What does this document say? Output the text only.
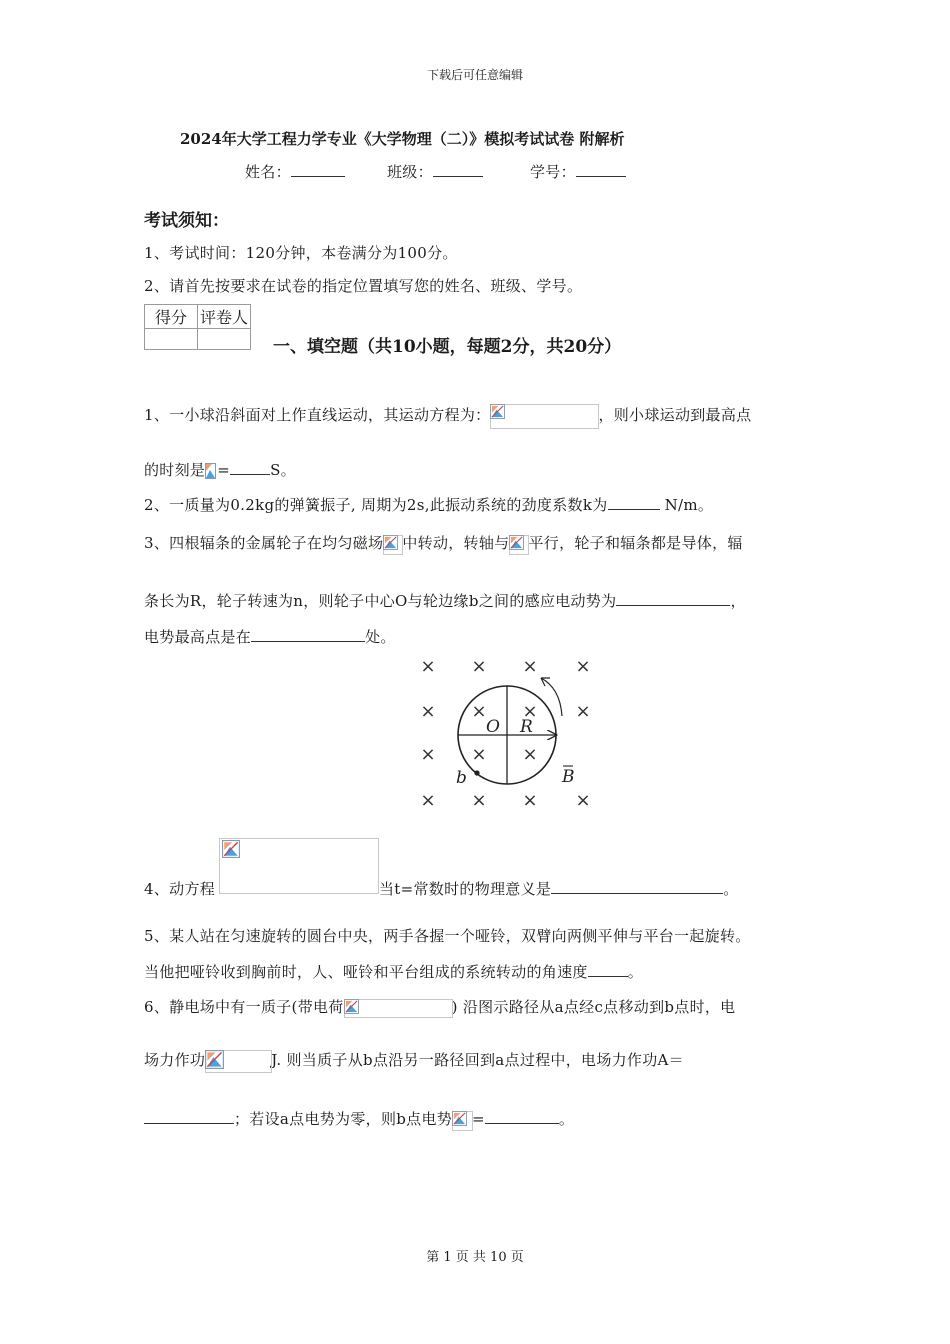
下载后可任意编辑
2024年大学工程力学专业《大学物理（二）》模拟考试试卷 附解析
姓名：	班级：	学号：
考试须知：
1、考试时间：120分钟，本卷满分为100分。
2、请首先按要求在试卷的指定位置填写您的姓名、班级、学号。
得分	评卷人

一、填空题（共10小题，每题2分，共20分）
1、一小球沿斜面对上作直线运动，其运动方程为：	，则小球运动到最高点
的时刻是 =	S。
2、一质量为0.2kg的弹簧振子, 周期为2s,此振动系统的劲度系数k为	N/m。
3、四根辐条的金属轮子在均匀磁场 中转动，转轴与 平行，轮子和辐条都是导体，辐
条长为R，轮子转速为n，则轮子中心O与轮边缘b之间的感应电动势为	，
电势最高点是在	处。
× × × ×
×	×
×
× × × ×
× ×
× ×
O R
b	B
4、动方程	当t=常数时的物理意义是	。
5、某人站在匀速旋转的圆台中央，两手各握一个哑铃，双臂向两侧平伸与平台一起旋转。
当他把哑铃收到胸前时，人、哑铃和平台组成的系统转动的角速度	。
6、静电场中有一质子(带电荷	) 沿图示路径从a点经c点移动到b点时，电
场力作功	J. 则当质子从b点沿另一路径回到a点过程中，电场力作功A＝
；若设a点电势为零，则b点电势 =	。
第 1 页 共 10 页
